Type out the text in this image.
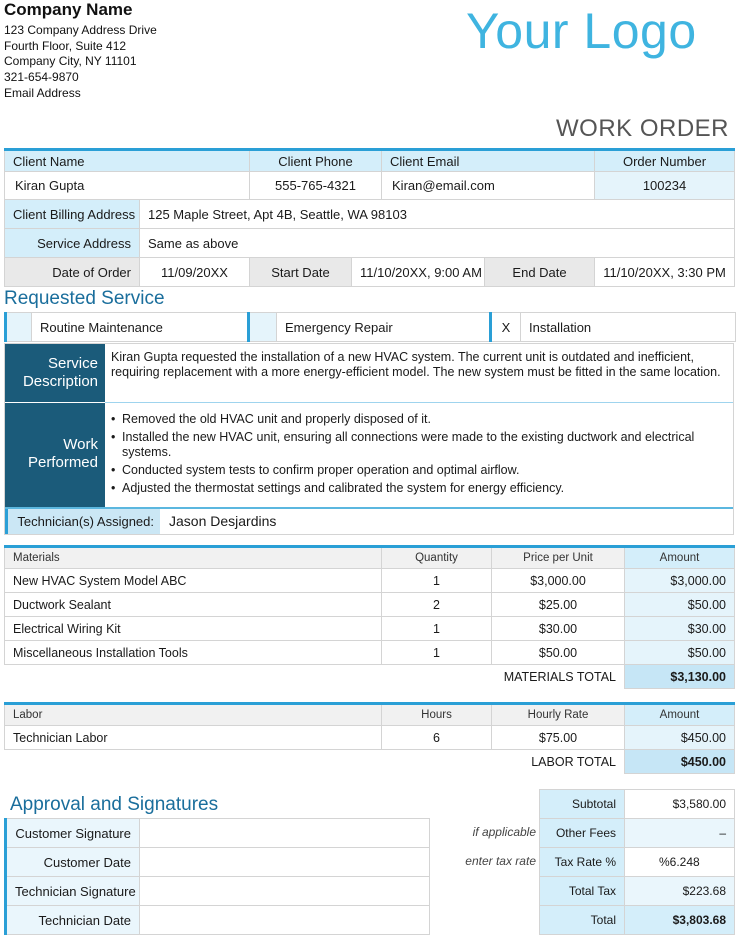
Company Name
123 Company Address Drive
Fourth Floor, Suite 412
Company City, NY 11101
321-654-9870
Email Address
Your Logo
WORK ORDER
Client Name		Client Phone		Client Email		Order Number
Kiran Gupta		555-765-4321		Kiran@email.com		100234
Client Billing Address	125 Maple Street, Apt 4B, Seattle, WA 98103					
Service Address	Same as above					
Date of Order	11/09/20XX	Start Date	11/10/20XX, 9:00 AM		End Date	11/10/20XX, 3:30 PM
Requested Service
	Routine Maintenance		Emergency Repair	X	Installation
Service
Description
Kiran Gupta requested the installation of a new HVAC system. The current unit is outdated and inefficient, requiring replacement with a more energy-efficient model. The new system must be fitted in the same location.
Work
Performed
• Removed the old HVAC unit and properly disposed of it.
• Installed the new HVAC unit, ensuring all connections were made to the existing ductwork and electrical systems.
• Conducted system tests to confirm proper operation and optimal airflow.
• Adjusted the thermostat settings and calibrated the system for energy efficiency.
Technician(s) Assigned:	Jason Desjardins
Materials	Quantity	Price per Unit	Amount
New HVAC System Model ABC	1	$3,000.00	$3,000.00
Ductwork Sealant	2	$25.00	$50.00
Electrical Wiring Kit	1	$30.00	$30.00
Miscellaneous Installation Tools	1	$50.00	$50.00
	MATERIALS TOTAL		$3,130.00
Labor	Hours	Hourly Rate	Amount
Technician Labor	6	$75.00	$450.00
	LABOR TOTAL		$450.00
Approval and Signatures
Customer Signature	
Customer Date	
Technician Signature	
Technician Date	
if applicable
enter tax rate
Subtotal	$3,580.00
Other Fees	–
Tax Rate %	%6.248
Total Tax	$223.68
Total	$3,803.68
